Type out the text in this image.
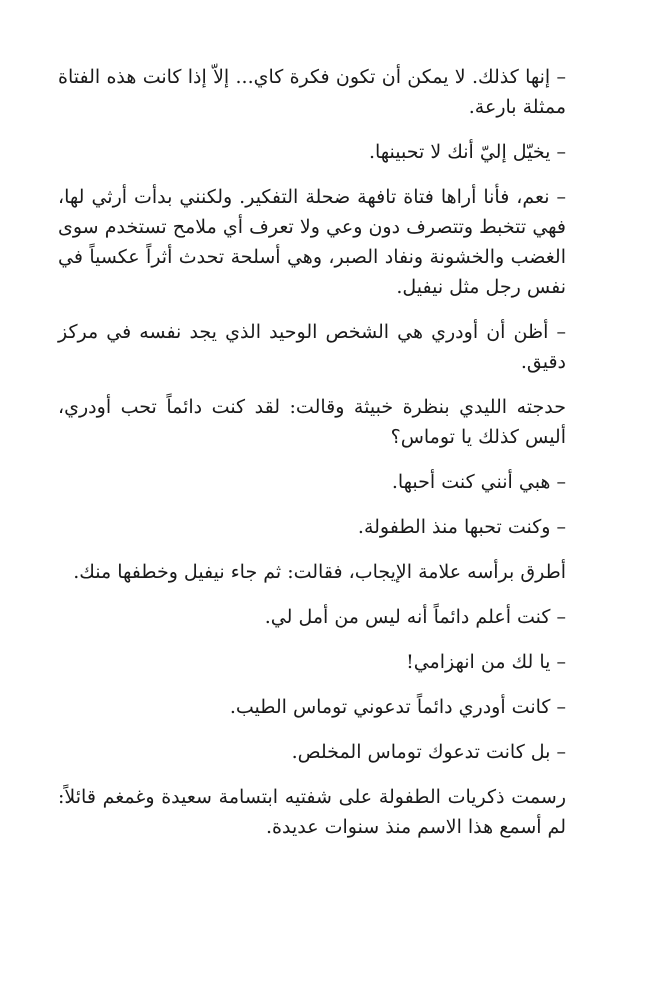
– إنها كذلك. لا يمكن أن تكون فكرة كاي... إلاّ إذا كانت هذه الفتاة ممثلة بارعة.

– يخيّل إليّ أنك لا تحبينها.

– نعم، فأنا أراها فتاة تافهة ضحلة التفكير. ولكنني بدأت أرثي لها، فهي تتخبط وتتصرف دون وعي ولا تعرف أي ملامح تستخدم سوى الغضب والخشونة ونفاد الصبر، وهي أسلحة تحدث أثراً عكسياً في نفس رجل مثل نيفيل.

– أظن أن أودري هي الشخص الوحيد الذي يجد نفسه في مركز دقيق.

حدجته الليدي بنظرة خبيثة وقالت: لقد كنت دائماً تحب أودري، أليس كذلك يا توماس؟

– هبي أنني كنت أحبها.

– وكنت تحبها منذ الطفولة.

أطرق برأسه علامة الإيجاب، فقالت: ثم جاء نيفيل وخطفها منك.

– كنت أعلم دائماً أنه ليس من أمل لي.

– يا لك من انهزامي!

– كانت أودري دائماً تدعوني توماس الطيب.

– بل كانت تدعوك توماس المخلص.

رسمت ذكريات الطفولة على شفتيه ابتسامة سعيدة وغمغم قائلاً: لم أسمع هذا الاسم منذ سنوات عديدة.
